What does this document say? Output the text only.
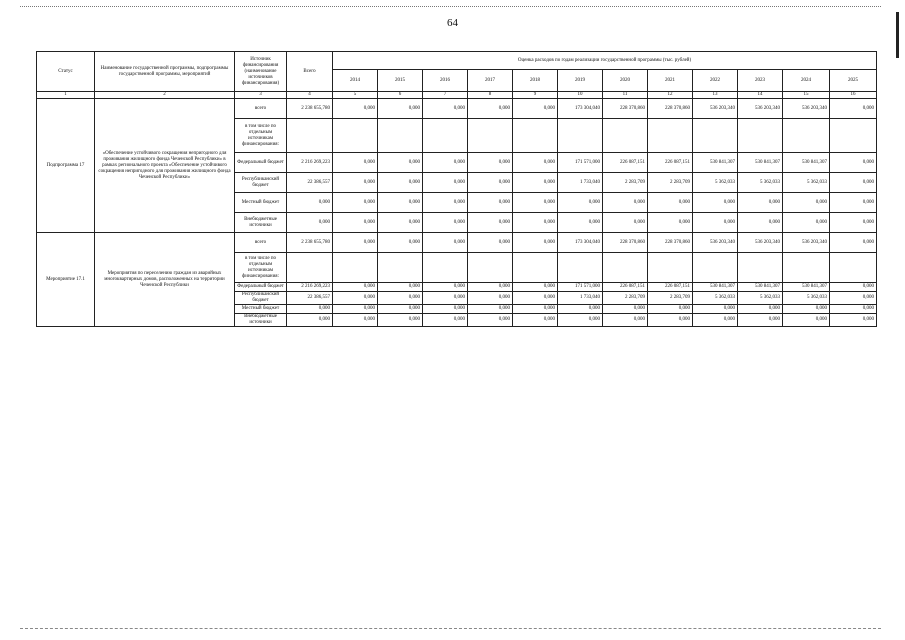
64
Статус	Наименование государственной программы, подпрограммы государственной программы, мероприятий	Источник финансирования (наименование источников финансирования)	Всего	Оценка расходов по годам реализации государственной программы (тыс. рублей)											
				2014	2015	2016	2017	2018	2019	2020	2021	2022	2023	2024	2025
1	2	3	4	5	6	7	8	9	10	11	12	13	14	15	16
Подпрограмма 17	«Обеспечение устойчивого сокращения непригодного для проживания жилищного фонда Чеченской Республики» в рамках регионального проекта «Обеспечение устойчивого сокращения непригодного для проживания жилищного фонда Чеченской Республики»	всего	2 238 655,780	0,000	0,000	0,000	0,000	0,000	173 304,040	228 370,860	228 370,860	536 203,340	536 203,340	536 203,340	0,000
		в том числе по отдельным источникам финансирования:													
		Федеральный бюджет	2 216 269,223	0,000	0,000	0,000	0,000	0,000	171 571,000	226 087,151	226 087,151	530 841,307	530 841,307	530 841,307	0,000
		Республиканский бюджет	22 386,557	0,000	0,000	0,000	0,000	0,000	1 733,040	2 283,709	2 283,709	5 362,033	5 362,033	5 362,033	0,000
		Местный бюджет	0,000	0,000	0,000	0,000	0,000	0,000	0,000	0,000	0,000	0,000	0,000	0,000	0,000
		Внебюджетные источники	0,000	0,000	0,000	0,000	0,000	0,000	0,000	0,000	0,000	0,000	0,000	0,000	0,000
Мероприятие 17.1	Мероприятия по переселению граждан из аварийных многоквартирных домов, расположенных на территории Чеченской Республики	всего	2 238 655,780	0,000	0,000	0,000	0,000	0,000	173 304,040	228 370,860	228 370,860	536 203,340	536 203,340	536 203,340	0,000
		в том числе по отдельным источникам финансирования:													
		Федеральный бюджет	2 216 269,223	0,000	0,000	0,000	0,000	0,000	171 571,000	226 087,151	226 087,151	530 841,307	530 841,307	530 841,307	0,000
		Республиканский бюджет	22 386,557	0,000	0,000	0,000	0,000	0,000	1 733,040	2 283,709	2 283,709	5 362,033	5 362,033	5 362,033	0,000
		Местный бюджет	0,000	0,000	0,000	0,000	0,000	0,000	0,000	0,000	0,000	0,000	0,000	0,000	0,000
		Внебюджетные источники	0,000	0,000	0,000	0,000	0,000	0,000	0,000	0,000	0,000	0,000	0,000	0,000	0,000
